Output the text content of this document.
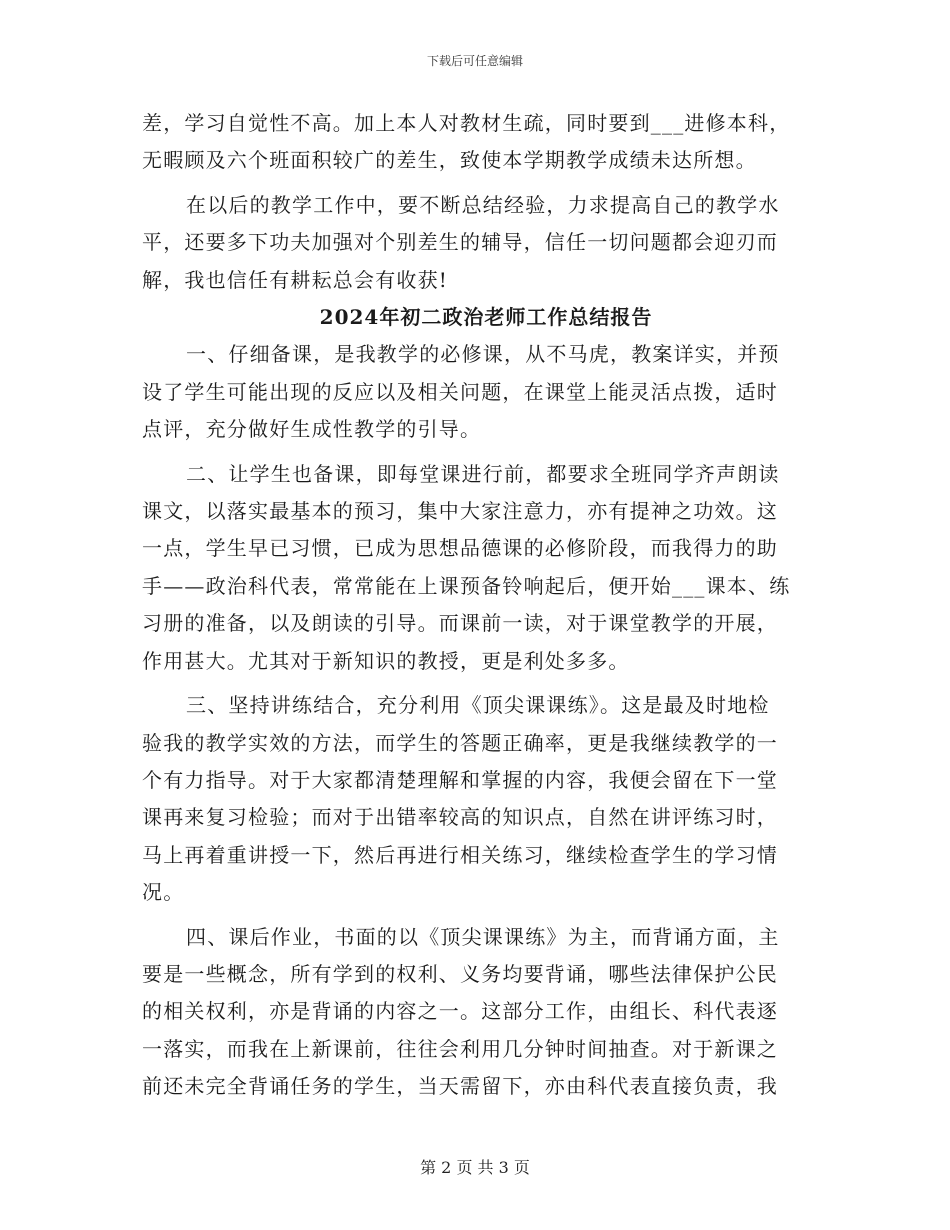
下载后可任意编辑

差，学习自觉性不高。加上本人对教材生疏，同时要到___进修本科，
无暇顾及六个班面积较广的差生，致使本学期教学成绩未达所想。

在以后的教学工作中，要不断总结经验，力求提高自己的教学水
平，还要多下功夫加强对个别差生的辅导，信任一切问题都会迎刃而
解，我也信任有耕耘总会有收获!

2024年初二政治老师工作总结报告

一、仔细备课，是我教学的必修课，从不马虎，教案详实，并预
设了学生可能出现的反应以及相关问题，在课堂上能灵活点拨，适时
点评，充分做好生成性教学的引导。

二、让学生也备课，即每堂课进行前，都要求全班同学齐声朗读
课文，以落实最基本的预习，集中大家注意力，亦有提神之功效。这
一点，学生早已习惯，已成为思想品德课的必修阶段，而我得力的助
手——政治科代表，常常能在上课预备铃响起后，便开始___课本、练
习册的准备，以及朗读的引导。而课前一读，对于课堂教学的开展，
作用甚大。尤其对于新知识的教授，更是利处多多。

三、坚持讲练结合，充分利用《顶尖课课练》。这是最及时地检
验我的教学实效的方法，而学生的答题正确率，更是我继续教学的一
个有力指导。对于大家都清楚理解和掌握的内容，我便会留在下一堂
课再来复习检验；而对于出错率较高的知识点，自然在讲评练习时，
马上再着重讲授一下，然后再进行相关练习，继续检查学生的学习情
况。

四、课后作业，书面的以《顶尖课课练》为主，而背诵方面，主
要是一些概念，所有学到的权利、义务均要背诵，哪些法律保护公民
的相关权利，亦是背诵的内容之一。这部分工作，由组长、科代表逐
一落实，而我在上新课前，往往会利用几分钟时间抽查。对于新课之
前还未完全背诵任务的学生，当天需留下，亦由科代表直接负责，我

第 2 页 共 3 页
